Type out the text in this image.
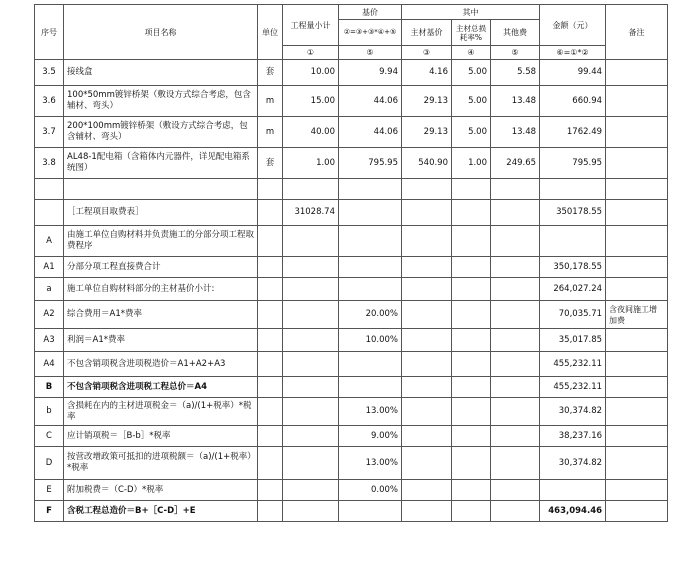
序号	项目名称	单位	工程量小计	基价	其中			金额（元）	备注
				②=③+③*④+⑤	主材基价	主材总损耗率%	其他费		
			①	⑤	③	④	⑤	⑥=①*②	
3.5	接线盒	套	10.00	9.94	4.16	5.00	5.58	99.44	
3.6	100*50mm镀锌桥架（敷设方式综合考虑，包含辅材、弯头）	m	15.00	44.06	29.13	5.00	13.48	660.94	
3.7	200*100mm镀锌桥架（敷设方式综合考虑，包含辅材、弯头）	m	40.00	44.06	29.13	5.00	13.48	1762.49	
3.8	AL48-1配电箱（含箱体内元器件，详见配电箱系统图）	套	1.00	795.95	540.90	1.00	249.65	795.95	

	［工程项目取费表］		31028.74					350178.55	
A	由施工单位自购材料并负责施工的分部分项工程取费程序								
A1	分部分项工程直接费合计							350,178.55	
a	施工单位自购材料部分的主材基价小计:							264,027.24	
A2	综合费用＝A1*费率			20.00%				70,035.71	含夜间施工增加费
A3	利润＝A1*费率			10.00%				35,017.85	
A4	不包含销项税含进项税造价＝A1+A2+A3							455,232.11	
B	不包含销项税含进项税工程总价＝A4							455,232.11	
b	含损耗在内的主材进项税金＝（a)/(1+税率）*税率			13.00%				30,374.82	
C	应计销项税＝［B-b］*税率			9.00%				38,237.16	
D	按营改增政策可抵扣的进项税额＝（a)/(1+税率）*税率			13.00%				30,374.82	
E	附加税费＝（C-D）*税率			0.00%					
F	含税工程总造价＝B+［C-D］+E							463,094.46	
